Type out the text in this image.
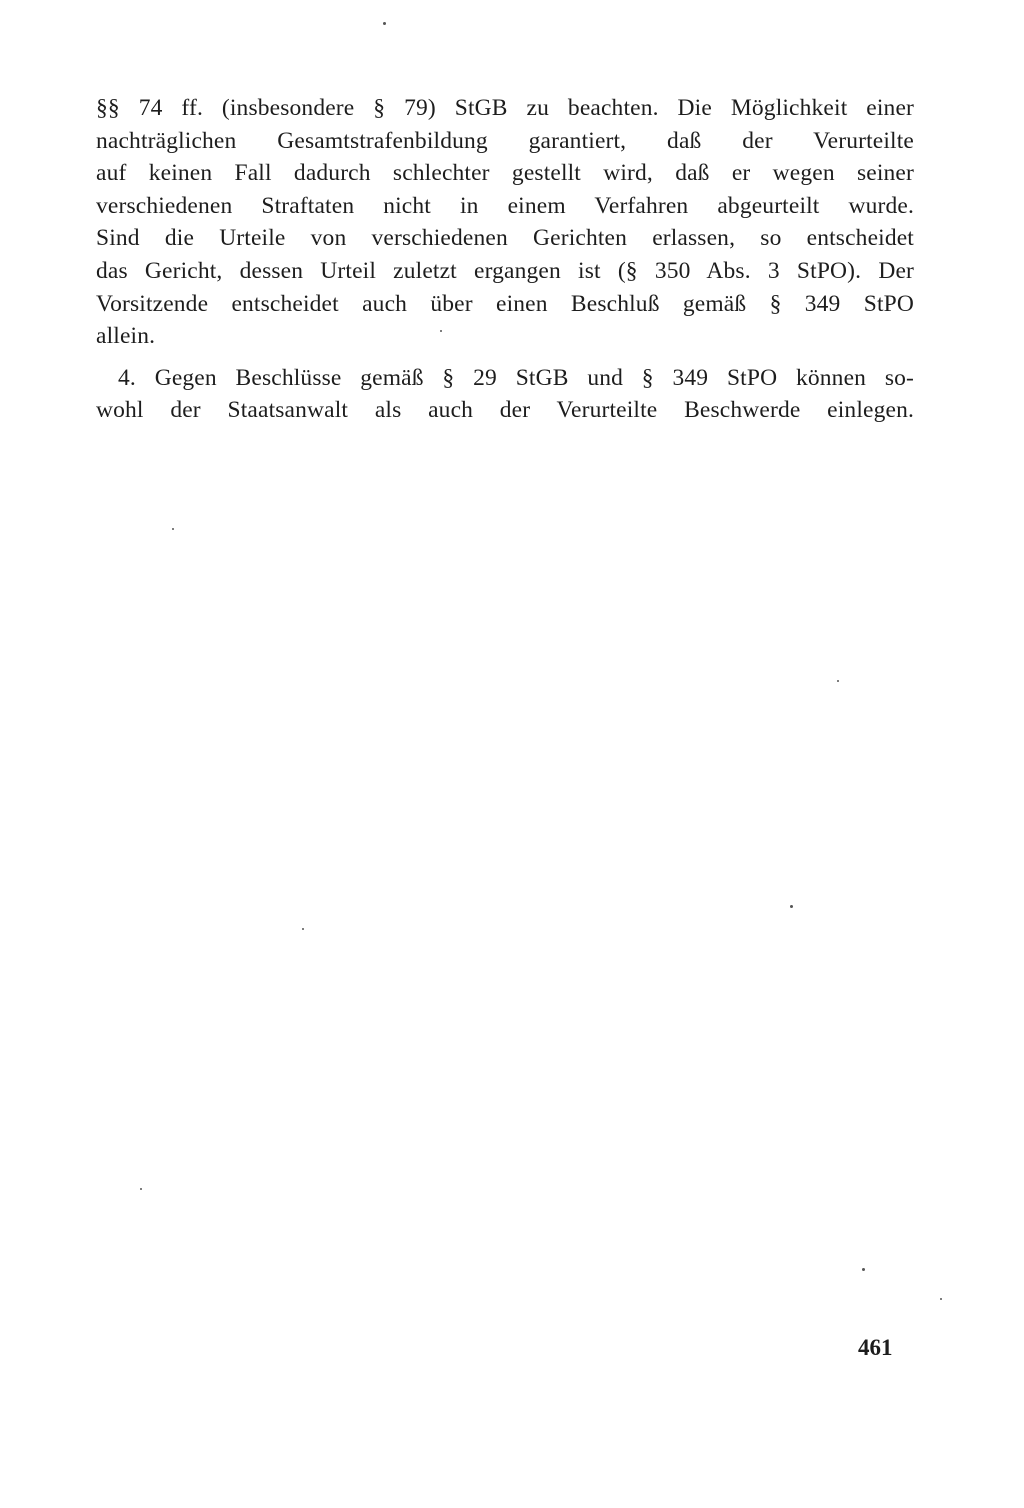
§§ 74 ff. (insbesondere § 79) StGB zu beachten. Die Möglichkeit einer
nachträglichen Gesamtstrafenbildung garantiert, daß der Verurteilte
auf keinen Fall dadurch schlechter gestellt wird, daß er wegen seiner
verschiedenen Straftaten nicht in einem Verfahren abgeurteilt wurde.
Sind die Urteile von verschiedenen Gerichten erlassen, so entscheidet
das Gericht, dessen Urteil zuletzt ergangen ist (§ 350 Abs. 3 StPO). Der
Vorsitzende entscheidet auch über einen Beschluß gemäß § 349 StPO
allein.
4. Gegen Beschlüsse gemäß § 29 StGB und § 349 StPO können so-
wohl der Staatsanwalt als auch der Verurteilte Beschwerde einlegen.
461
